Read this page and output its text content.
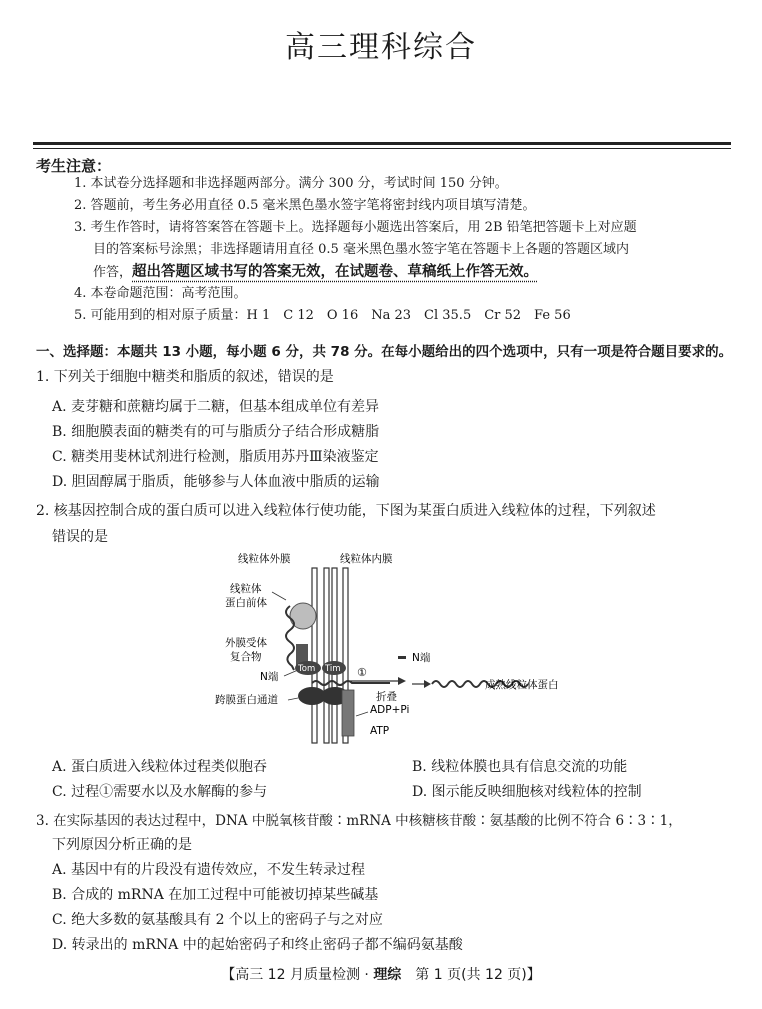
高三理科综合
考生注意：
1. 本试卷分选择题和非选择题两部分。满分 300 分，考试时间 150 分钟。
2. 答题前，考生务必用直径 0.5 毫米黑色墨水签字笔将密封线内项目填写清楚。
3. 考生作答时，请将答案答在答题卡上。选择题每小题选出答案后，用 2B 铅笔把答题卡上对应题
目的答案标号涂黑；非选择题请用直径 0.5 毫米黑色墨水签字笔在答题卡上各题的答题区域内
作答，超出答题区域书写的答案无效，在试题卷、草稿纸上作答无效。
4. 本卷命题范围：高考范围。
5. 可能用到的相对原子质量：H 1　C 12　O 16　Na 23　Cl 35.5　Cr 52　Fe 56
一、选择题：本题共 13 小题，每小题 6 分，共 78 分。在每小题给出的四个选项中，只有一项是符合题目要求的。
1. 下列关于细胞中糖类和脂质的叙述，错误的是
A. 麦芽糖和蔗糖均属于二糖，但基本组成单位有差异
B. 细胞膜表面的糖类有的可与脂质分子结合形成糖脂
C. 糖类用斐林试剂进行检测，脂质用苏丹Ⅲ染液鉴定
D. 胆固醇属于脂质，能够参与人体血液中脂质的运输
2. 核基因控制合成的蛋白质可以进入线粒体行使功能，下图为某蛋白质进入线粒体的过程，下列叙述
错误的是
线粒体外膜	线粒体内膜
线粒体
蛋白前体
外膜受体
复合物
N端
Tom Tim ①
N端
折叠
成熟线粒体蛋白
跨膜蛋白通道
ADP+Pi
ATP
A. 蛋白质进入线粒体过程类似胞吞	B. 线粒体膜也具有信息交流的功能
C. 过程①需要水以及水解酶的参与	D. 图示能反映细胞核对线粒体的控制
3. 在实际基因的表达过程中，DNA 中脱氧核苷酸∶mRNA 中核糖核苷酸∶氨基酸的比例不符合 6∶3∶1，
下列原因分析正确的是
A. 基因中有的片段没有遗传效应，不发生转录过程
B. 合成的 mRNA 在加工过程中可能被切掉某些碱基
C. 绝大多数的氨基酸具有 2 个以上的密码子与之对应
D. 转录出的 mRNA 中的起始密码子和终止密码子都不编码氨基酸
【高三 12 月质量检测 · 理综　第 1 页(共 12 页)】
